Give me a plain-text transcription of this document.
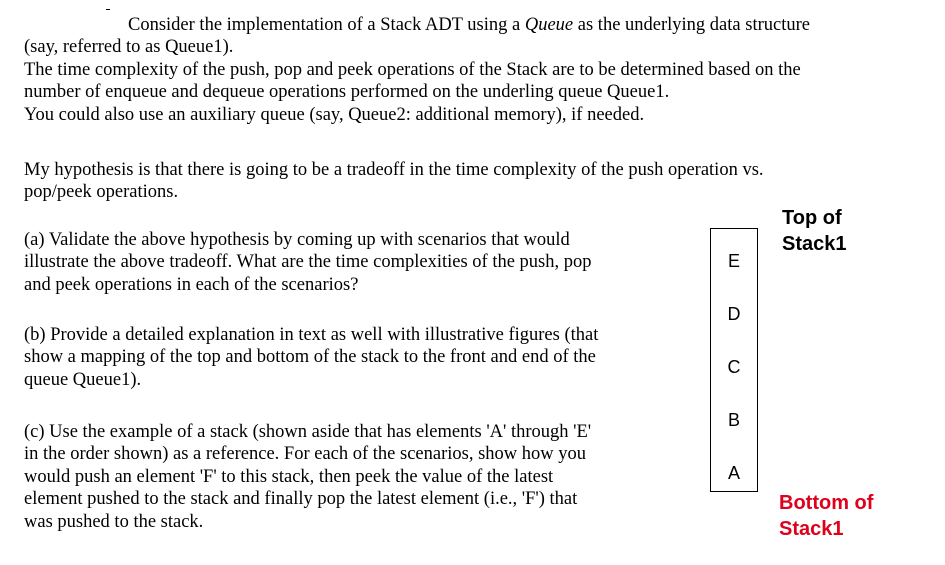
Consider the implementation of a Stack ADT using a Queue as the underlying data structure
(say, referred to as Queue1).
The time complexity of the push, pop and peek operations of the Stack are to be determined based on the
number of enqueue and dequeue operations performed on the underling queue Queue1.
You could also use an auxiliary queue (say, Queue2: additional memory), if needed.
My hypothesis is that there is going to be a tradeoff in the time complexity of the push operation vs.
pop/peek operations.
(a) Validate the above hypothesis by coming up with scenarios that would
illustrate the above tradeoff. What are the time complexities of the push, pop
and peek operations in each of the scenarios?
(b) Provide a detailed explanation in text as well with illustrative figures (that
show a mapping of the top and bottom of the stack to the front and end of the
queue Queue1).
(c) Use the example of a stack (shown aside that has elements 'A' through 'E'
in the order shown) as a reference. For each of the scenarios, show how you
would push an element 'F' to this stack, then peek the value of the latest
element pushed to the stack and finally pop the latest element (i.e., 'F') that
was pushed to the stack.
E
D
C
B
A
Top of
Stack1
Bottom of
Stack1
